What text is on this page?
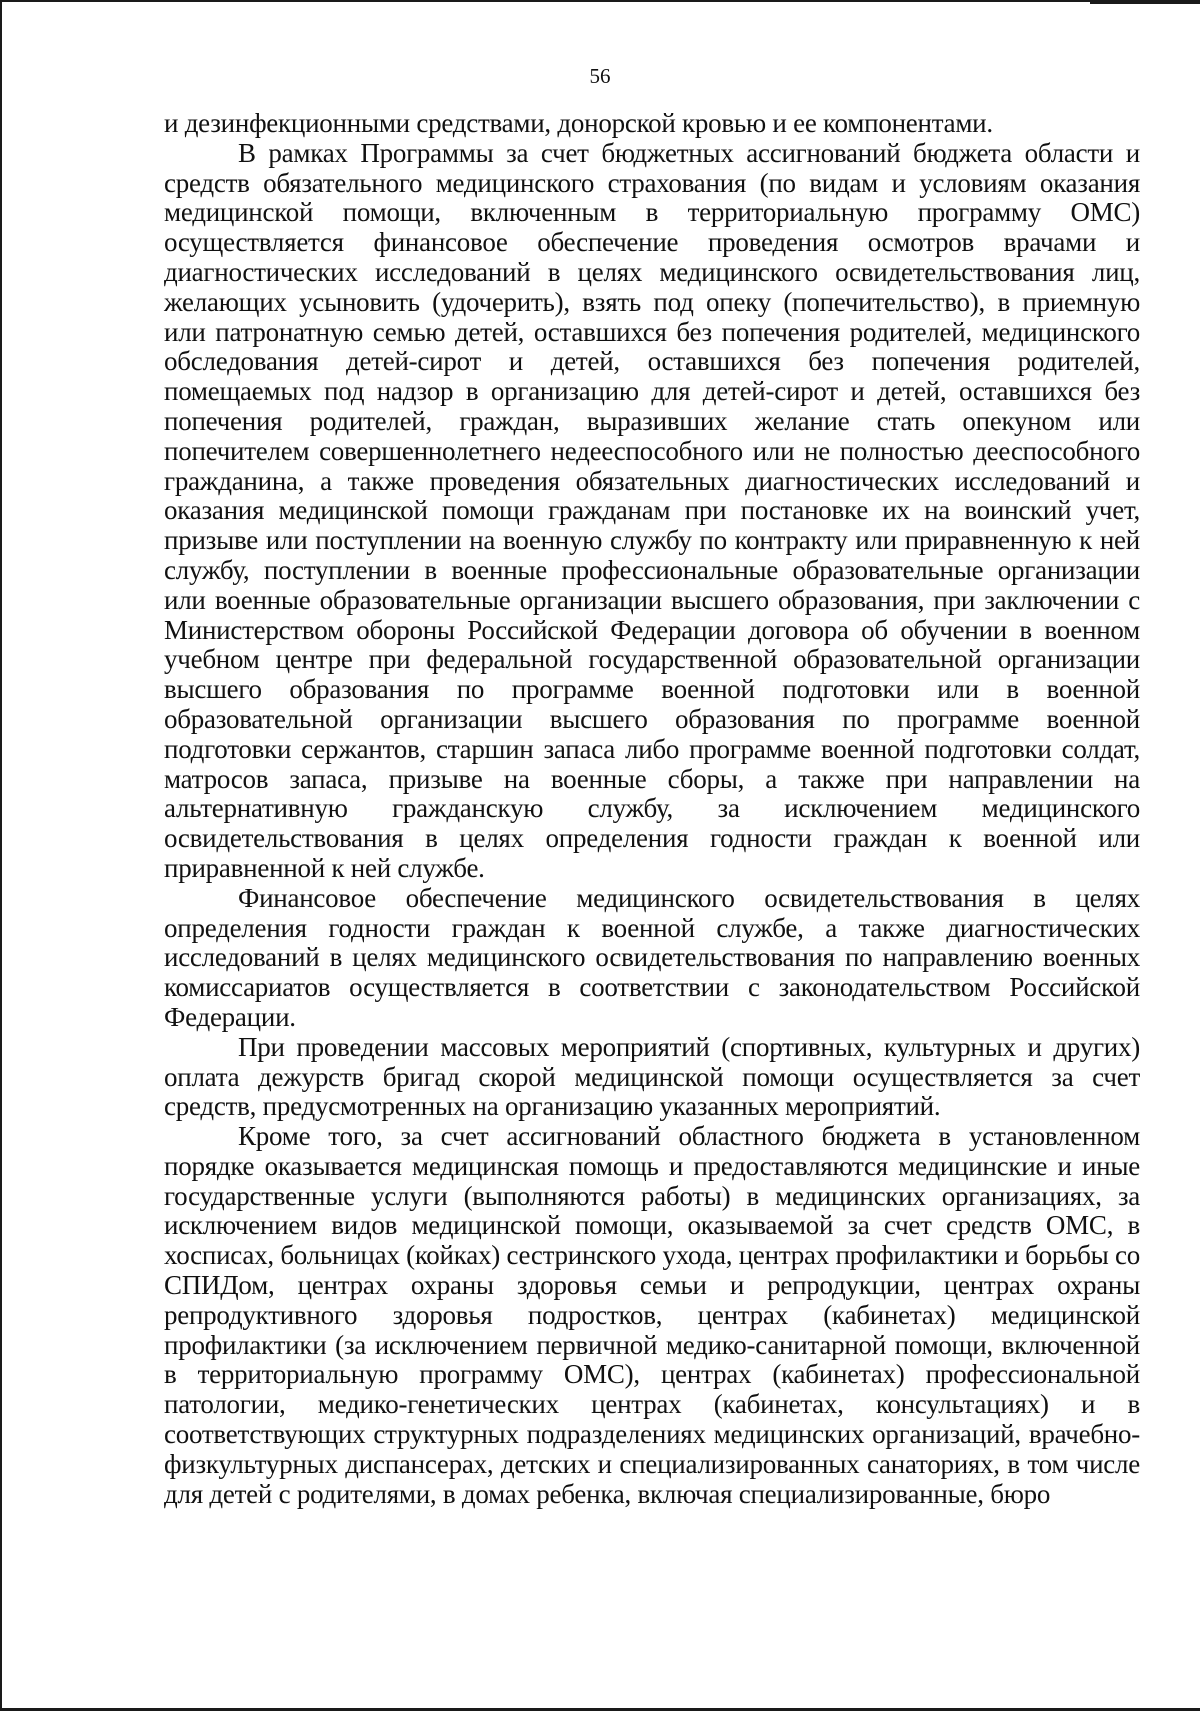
56

и дезинфекционными средствами, донорской кровью и ее компонентами.

В рамках Программы за счет бюджетных ассигнований бюджета области и средств обязательного медицинского страхования (по видам и условиям оказания медицинской помощи, включенным в территориальную программу ОМС) осуществляется финансовое обеспечение проведения осмотров врачами и диагностических исследований в целях медицинского освидетельствования лиц, желающих усыновить (удочерить), взять под опеку (попечительство), в приемную или патронатную семью детей, оставшихся без попечения родителей, медицинского обследования детей-сирот и детей, оставшихся без попечения родителей, помещаемых под надзор в организацию для детей-сирот и детей, оставшихся без попечения родителей, граждан, выразивших желание стать опекуном или попечителем совершеннолетнего недееспособного или не полностью дееспособного гражданина, а также проведения обязательных диагностических исследований и оказания медицинской помощи гражданам при постановке их на воинский учет, призыве или поступлении на военную службу по контракту или приравненную к ней службу, поступлении в военные профессиональные образовательные организации или военные образовательные организации высшего образования, при заключении с Министерством обороны Российской Федерации договора об обучении в военном учебном центре при федеральной государственной образовательной организации высшего образования по программе военной подготовки или в военной образовательной организации высшего образования по программе военной подготовки сержантов, старшин запаса либо программе военной подготовки солдат, матросов запаса, призыве на военные сборы, а также при направлении на альтернативную гражданскую службу, за исключением медицинского освидетельствования в целях определения годности граждан к военной или приравненной к ней службе.

Финансовое обеспечение медицинского освидетельствования в целях определения годности граждан к военной службе, а также диагностических исследований в целях медицинского освидетельствования по направлению военных комиссариатов осуществляется в соответствии с законодательством Российской Федерации.

При проведении массовых мероприятий (спортивных, культурных и других) оплата дежурств бригад скорой медицинской помощи осуществляется за счет средств, предусмотренных на организацию указанных мероприятий.

Кроме того, за счет ассигнований областного бюджета в установленном порядке оказывается медицинская помощь и предоставляются медицинские и иные государственные услуги (выполняются работы) в медицинских организациях, за исключением видов медицинской помощи, оказываемой за счет средств ОМС, в хосписах, больницах (койках) сестринского ухода, центрах профилактики и борьбы со СПИДом, центрах охраны здоровья семьи и репродукции, центрах охраны репродуктивного здоровья подростков, центрах (кабинетах) медицинской профилактики (за исключением первичной медико-санитарной помощи, включенной в территориальную программу ОМС), центрах (кабинетах) профессиональной патологии, медико-генетических центрах (кабинетах, консультациях) и в соответствующих структурных подразделениях медицинских организаций, врачебно-физкультурных диспансерах, детских и специализированных санаториях, в том числе для детей с родителями, в домах ребенка, включая специализированные, бюро
